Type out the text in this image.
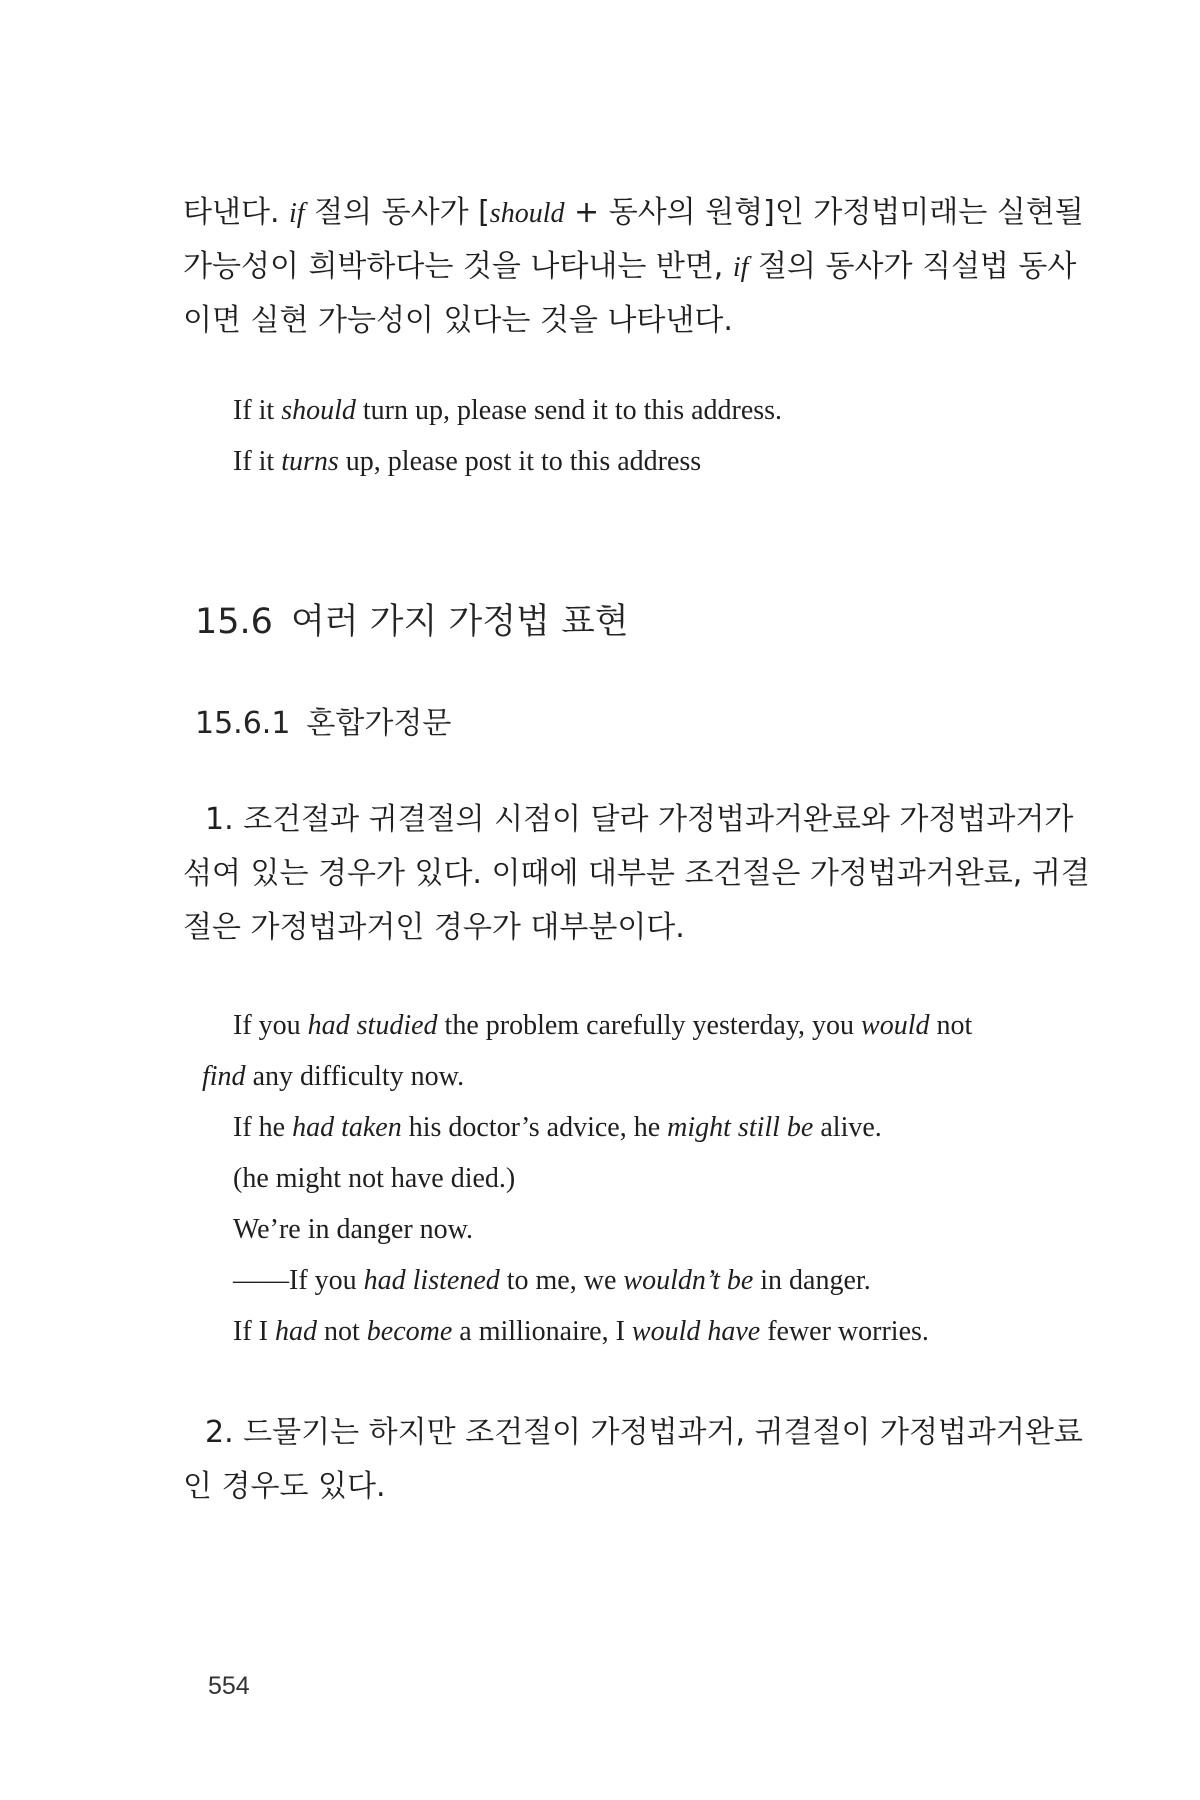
타낸다. if 절의 동사가 [should + 동사의 원형]인 가정법미래는 실현될
가능성이 희박하다는 것을 나타내는 반면, if 절의 동사가 직설법 동사
이면 실현 가능성이 있다는 것을 나타낸다.
If it should turn up, please send it to this address.
If it turns up, please post it to this address
15.6 여러 가지 가정법 표현
15.6.1 혼합가정문
1. 조건절과 귀결절의 시점이 달라 가정법과거완료와 가정법과거가
섞여 있는 경우가 있다. 이때에 대부분 조건절은 가정법과거완료, 귀결
절은 가정법과거인 경우가 대부분이다.
If you had studied the problem carefully yesterday, you would not
find any difficulty now.
If he had taken his doctor’s advice, he might still be alive.
(he might not have died.)
We’re in danger now.
——If you had listened to me, we wouldn’t be in danger.
If I had not become a millionaire, I would have fewer worries.
2. 드물기는 하지만 조건절이 가정법과거, 귀결절이 가정법과거완료
인 경우도 있다.
554
